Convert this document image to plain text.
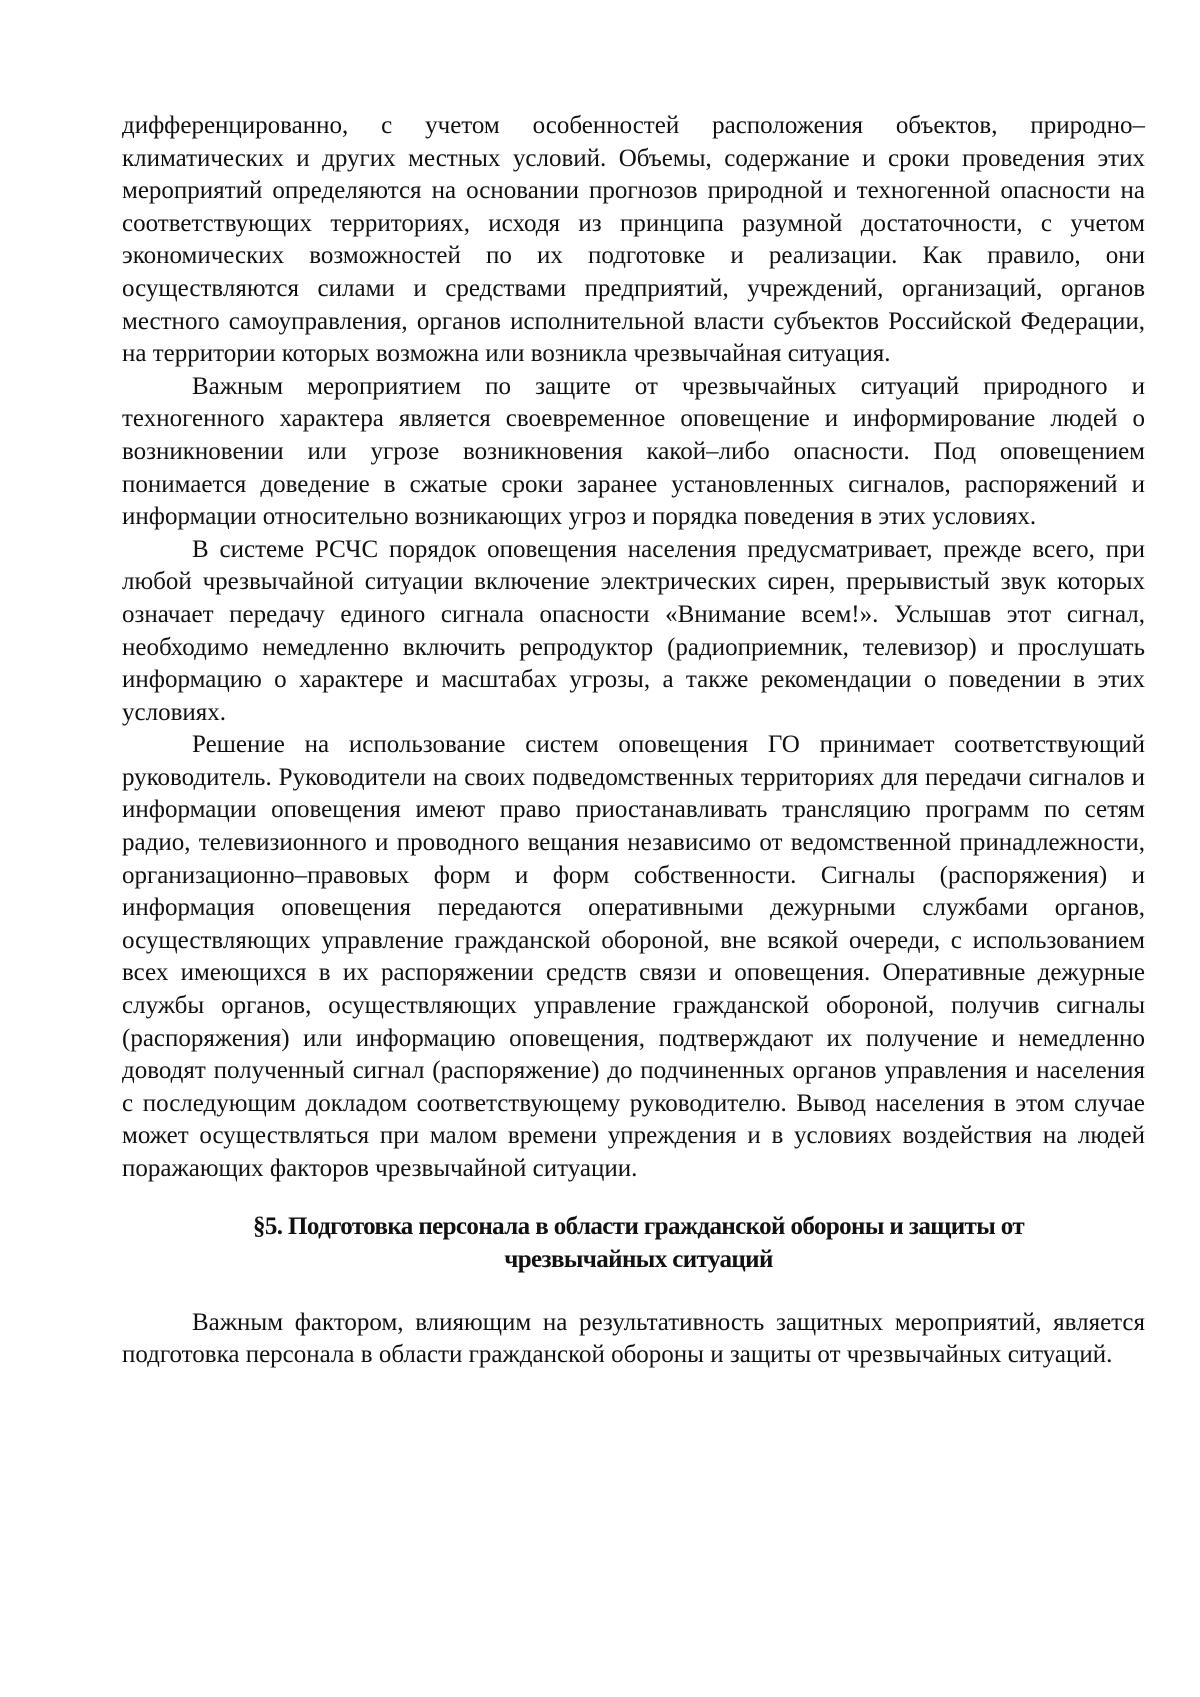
дифференцированно, с учетом особенностей расположения объектов, природно–климатических и других местных условий. Объемы, содержание и сроки проведения этих мероприятий определяются на основании прогнозов природной и техногенной опасности на соответствующих территориях, исходя из принципа разумной достаточности, с учетом экономических возможностей по их подготовке и реализации. Как правило, они осуществляются силами и средствами предприятий, учреждений, организаций, органов местного самоуправления, органов исполнительной власти субъектов Российской Федерации, на территории которых возможна или возникла чрезвычайная ситуация.

Важным мероприятием по защите от чрезвычайных ситуаций природного и техногенного характера является своевременное оповещение и информирование людей о возникновении или угрозе возникновения какой–либо опасности. Под оповещением понимается доведение в сжатые сроки заранее установленных сигналов, распоряжений и информации относительно возникающих угроз и порядка поведения в этих условиях.

В системе РСЧС порядок оповещения населения предусматривает, прежде всего, при любой чрезвычайной ситуации включение электрических сирен, прерывистый звук которых означает передачу единого сигнала опасности «Внимание всем!». Услышав этот сигнал, необходимо немедленно включить репродуктор (радиоприемник, телевизор) и прослушать информацию о характере и масштабах угрозы, а также рекомендации о поведении в этих условиях.

Решение на использование систем оповещения ГО принимает соответствующий руководитель. Руководители на своих подведомственных территориях для передачи сигналов и информации оповещения имеют право приостанавливать трансляцию программ по сетям радио, телевизионного и проводного вещания независимо от ведомственной принадлежности, организационно–правовых форм и форм собственности. Сигналы (распоряжения) и информация оповещения передаются оперативными дежурными службами органов, осуществляющих управление гражданской обороной, вне всякой очереди, с использованием всех имеющихся в их распоряжении средств связи и оповещения. Оперативные дежурные службы органов, осуществляющих управление гражданской обороной, получив сигналы (распоряжения) или информацию оповещения, подтверждают их получение и немедленно доводят полученный сигнал (распоряжение) до подчиненных органов управления и населения с последующим докладом соответствующему руководителю. Вывод населения в этом случае может осуществляться при малом времени упреждения и в условиях воздействия на людей поражающих факторов чрезвычайной ситуации.

§5. Подготовка персонала в области гражданской обороны и защиты от чрезвычайных ситуаций

Важным фактором, влияющим на результативность защитных мероприятий, является подготовка персонала в области гражданской обороны и защиты от чрезвычайных ситуаций.
